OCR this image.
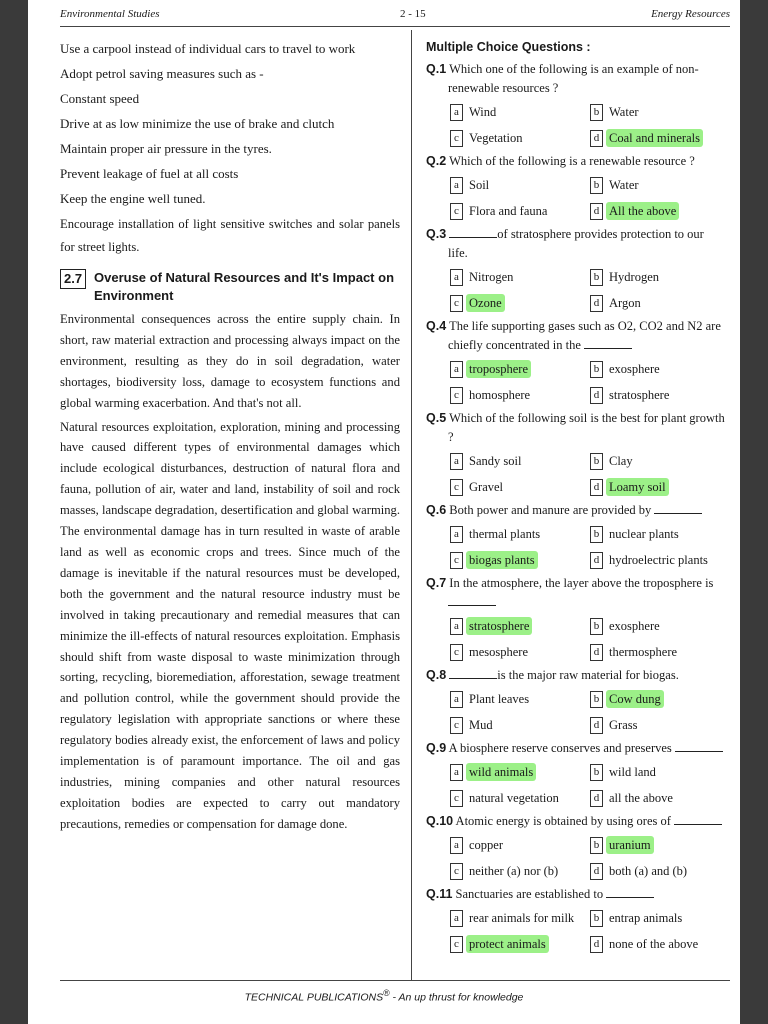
Environmental Studies	2 - 15	Energy Resources
Use a carpool instead of individual cars to travel to work
Adopt petrol saving measures such as -
Constant speed
Drive at as low minimize the use of brake and clutch
Maintain proper air pressure in the tyres.
Prevent leakage of fuel at all costs
Keep the engine well tuned.

Encourage installation of light sensitive switches and solar panels for street lights.

2.7 Overuse of Natural Resources and It's Impact on Environment

Environmental consequences across the entire supply chain. In short, raw material extraction and processing always impact on the environment, resulting as they do in soil degradation, water shortages, biodiversity loss, damage to ecosystem functions and global warming exacerbation. And that's not all.

Natural resources exploitation, exploration, mining and processing have caused different types of environmental damages which include ecological disturbances, destruction of natural flora and fauna, pollution of air, water and land, instability of soil and rock masses, landscape degradation, desertification and global warming. The environmental damage has in turn resulted in waste of arable land as well as economic crops and trees. Since much of the damage is inevitable if the natural resources must be developed, both the government and the natural resource industry must be involved in taking precautionary and remedial measures that can minimize the ill-effects of natural resources exploitation. Emphasis should shift from waste disposal to waste minimization through sorting, recycling, bioremediation, afforestation, sewage treatment and pollution control, while the government should provide the regulatory legislation with appropriate sanctions or where these regulatory bodies already exist, the enforcement of laws and policy implementation is of paramount importance. The oil and gas industries, mining companies and other natural resources exploitation bodies are expected to carry out mandatory precautions, remedies or compensation for damage done.

Multiple Choice Questions :
Q.1 Which one of the following is an example of non-renewable resources ?
a Wind	b Water
c Vegetation	d Coal and minerals
Q.2 Which of the following is a renewable resource ?
a Soil	b Water
c Flora and fauna	d All the above
Q.3	of stratosphere provides protection to our life.
a Nitrogen	b Hydrogen
c Ozone	d Argon
Q.4 The life supporting gases such as O2, CO2 and N2 are chiefly concentrated in the
a troposphere	b exosphere
c homosphere	d stratosphere
Q.5 Which of the following soil is the best for plant growth ?
a Sandy soil	b Clay
c Gravel	d Loamy soil
Q.6 Both power and manure are provided by
a thermal plants	b nuclear plants
c biogas plants	d hydroelectric plants
Q.7 In the atmosphere, the layer above the troposphere is
a stratosphere	b exosphere
c mesosphere	d thermosphere
Q.8	is the major raw material for biogas.
a Plant leaves	b Cow dung
c Mud	d Grass
Q.9 A biosphere reserve conserves and preserves
a wild animals	b wild land
c natural vegetation	d all the above
Q.10 Atomic energy is obtained by using ores of
a copper	b uranium
c neither (a) nor (b)	d both (a) and (b)
Q.11 Sanctuaries are established to
a rear animals for milk	b entrap animals
c protect animals	d none of the above
TECHNICAL PUBLICATIONS® - An up thrust for knowledge
